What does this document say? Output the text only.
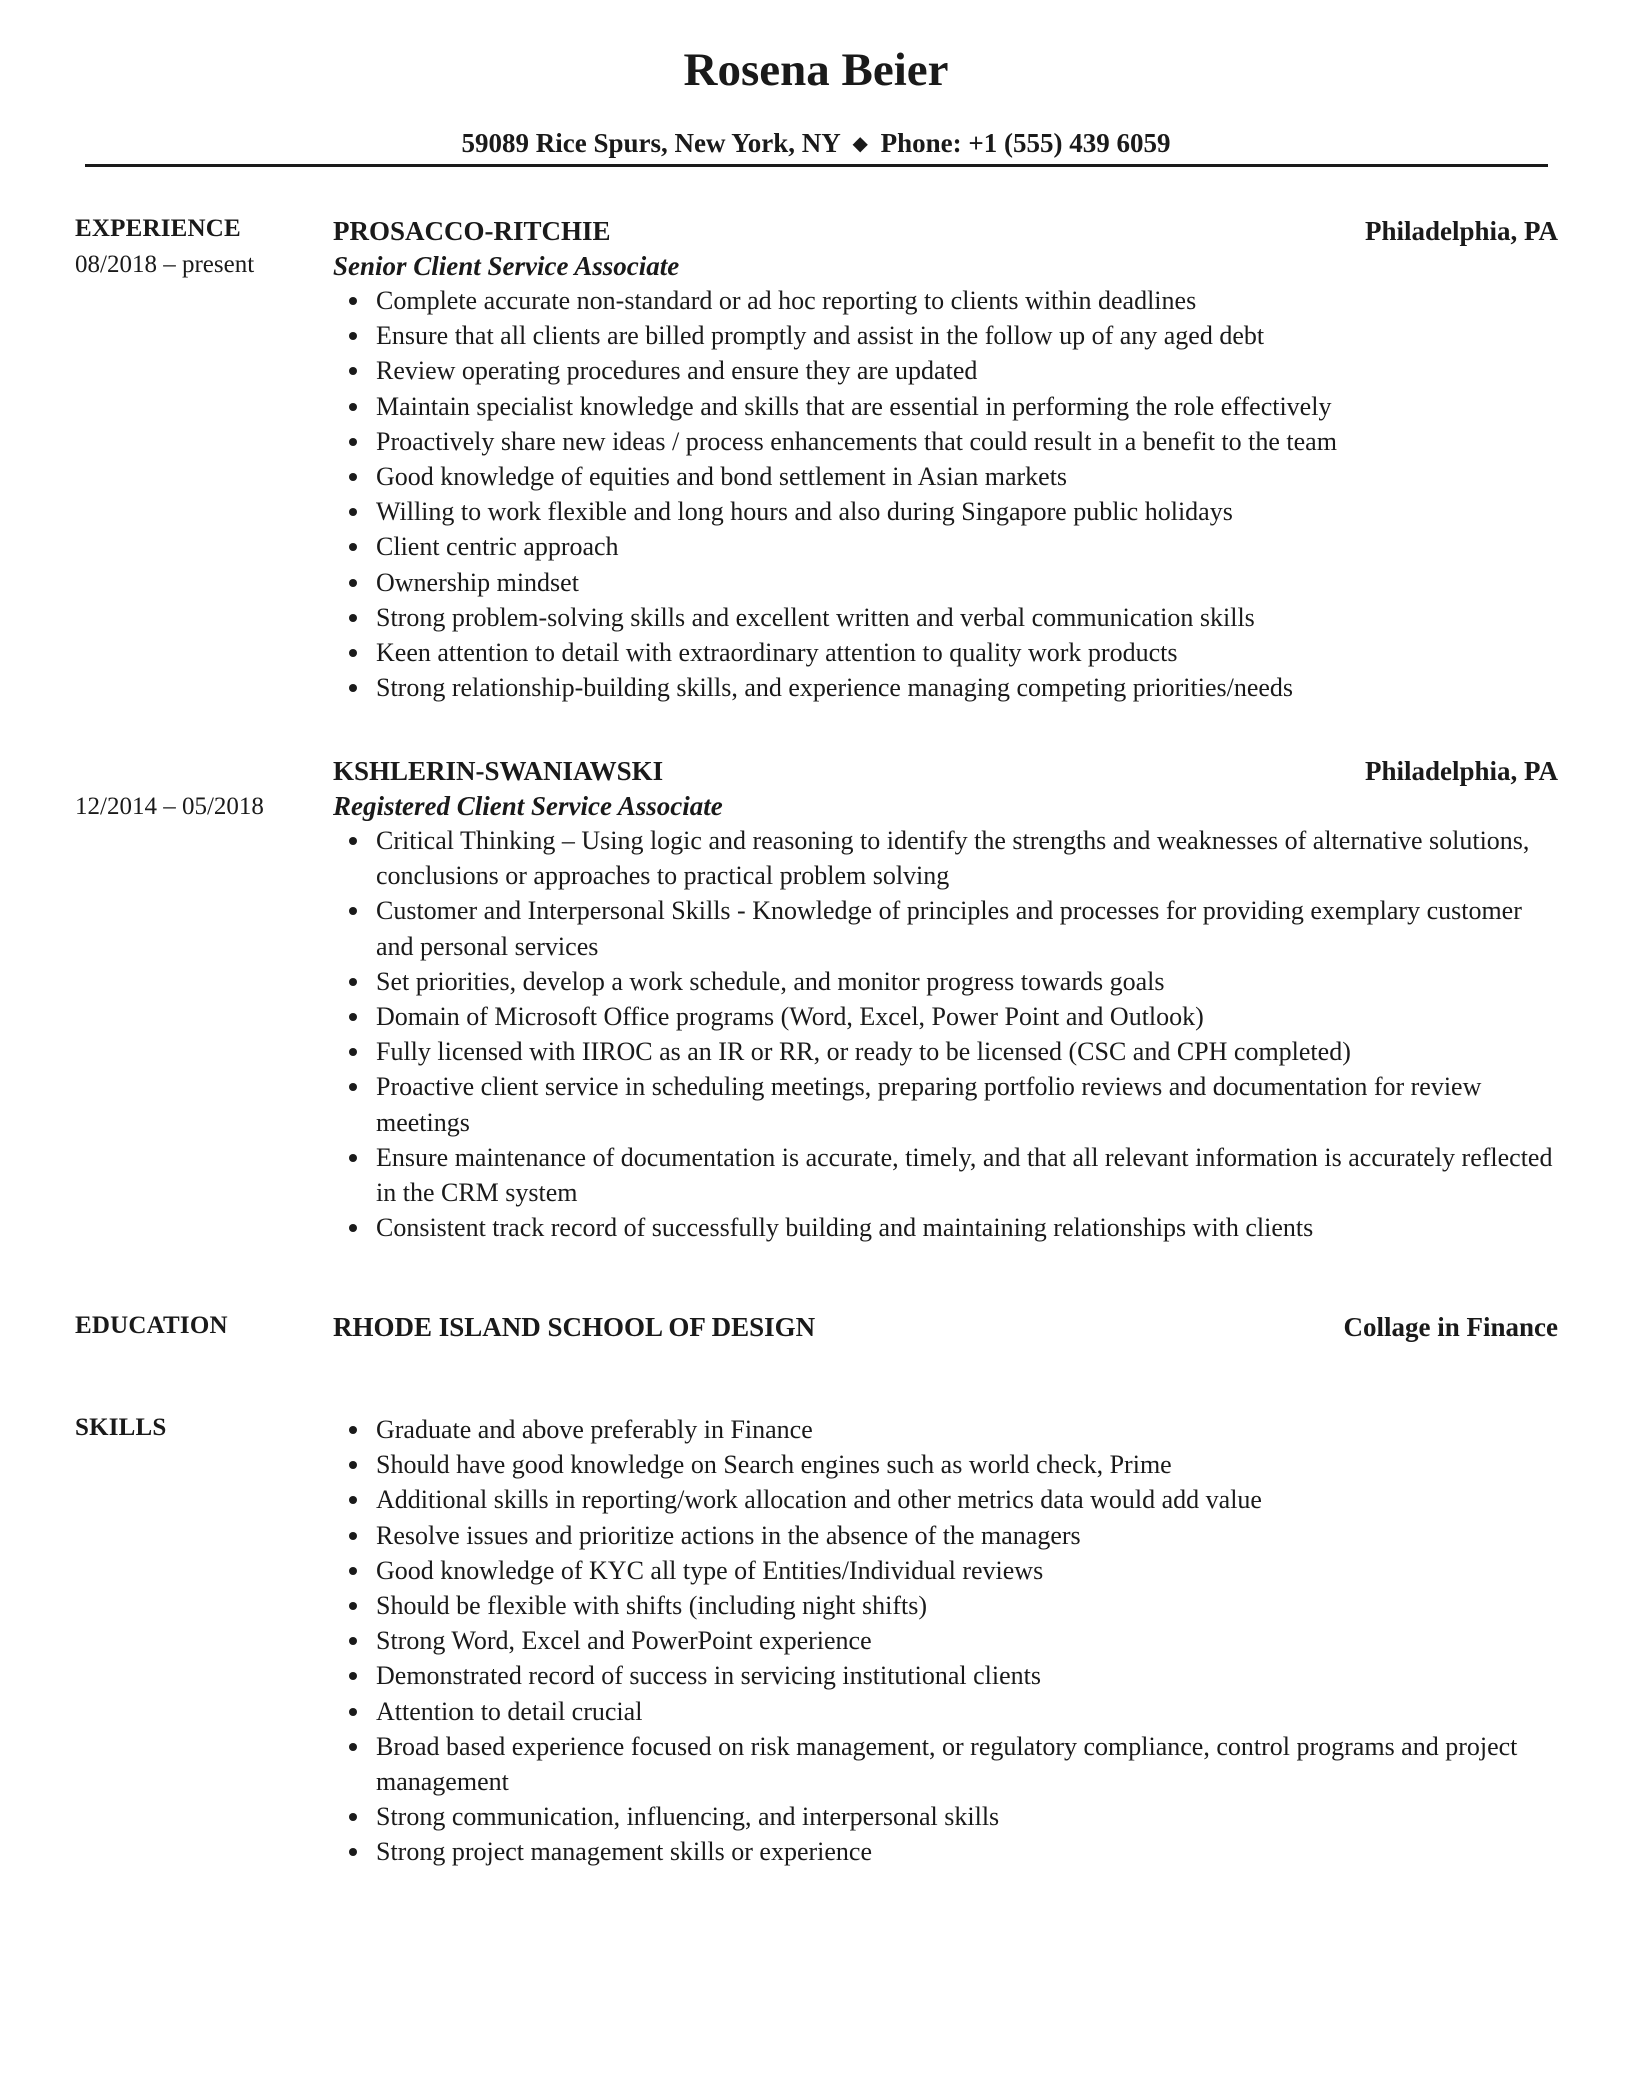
Rosena Beier
59089 Rice Spurs, New York, NY ◆ Phone: +1 (555) 439 6059
EXPERIENCE
08/2018 – present
PROSACCO-RITCHIE	Philadelphia, PA
Senior Client Service Associate
Complete accurate non-standard or ad hoc reporting to clients within deadlines
Ensure that all clients are billed promptly and assist in the follow up of any aged debt
Review operating procedures and ensure they are updated
Maintain specialist knowledge and skills that are essential in performing the role effectively
Proactively share new ideas / process enhancements that could result in a benefit to the team
Good knowledge of equities and bond settlement in Asian markets
Willing to work flexible and long hours and also during Singapore public holidays
Client centric approach
Ownership mindset
Strong problem-solving skills and excellent written and verbal communication skills
Keen attention to detail with extraordinary attention to quality work products
Strong relationship-building skills, and experience managing competing priorities/needs
12/2014 – 05/2018
KSHLERIN-SWANIAWSKI	Philadelphia, PA
Registered Client Service Associate
Critical Thinking – Using logic and reasoning to identify the strengths and weaknesses of alternative solutions, conclusions or approaches to practical problem solving
Customer and Interpersonal Skills - Knowledge of principles and processes for providing exemplary customer and personal services
Set priorities, develop a work schedule, and monitor progress towards goals
Domain of Microsoft Office programs (Word, Excel, Power Point and Outlook)
Fully licensed with IIROC as an IR or RR, or ready to be licensed (CSC and CPH completed)
Proactive client service in scheduling meetings, preparing portfolio reviews and documentation for review meetings
Ensure maintenance of documentation is accurate, timely, and that all relevant information is accurately reflected in the CRM system
Consistent track record of successfully building and maintaining relationships with clients
EDUCATION	RHODE ISLAND SCHOOL OF DESIGN	Collage in Finance
SKILLS	Graduate and above preferably in Finance
Should have good knowledge on Search engines such as world check, Prime
Additional skills in reporting/work allocation and other metrics data would add value
Resolve issues and prioritize actions in the absence of the managers
Good knowledge of KYC all type of Entities/Individual reviews
Should be flexible with shifts (including night shifts)
Strong Word, Excel and PowerPoint experience
Demonstrated record of success in servicing institutional clients
Attention to detail crucial
Broad based experience focused on risk management, or regulatory compliance, control programs and project management
Strong communication, influencing, and interpersonal skills
Strong project management skills or experience
